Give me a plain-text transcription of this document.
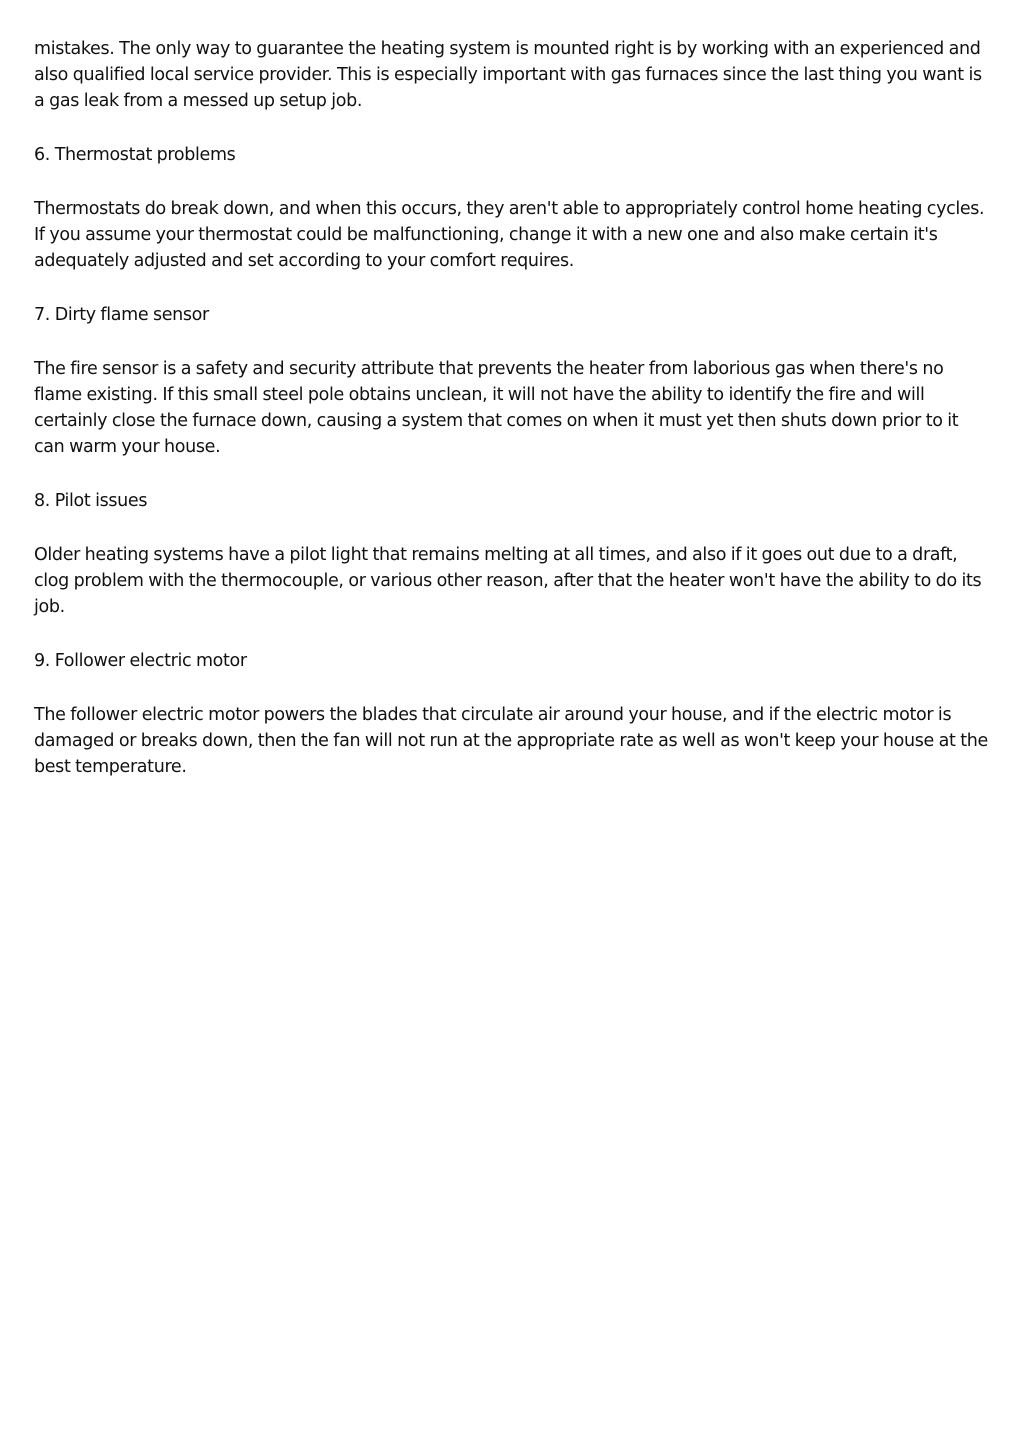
mistakes. The only way to guarantee the heating system is mounted right is by working with an experienced and also qualified local service provider. This is especially important with gas furnaces since the last thing you want is a gas leak from a messed up setup job.

6. Thermostat problems

Thermostats do break down, and when this occurs, they aren't able to appropriately control home heating cycles. If you assume your thermostat could be malfunctioning, change it with a new one and also make certain it's adequately adjusted and set according to your comfort requires.

7. Dirty flame sensor

The fire sensor is a safety and security attribute that prevents the heater from laborious gas when there's no flame existing. If this small steel pole obtains unclean, it will not have the ability to identify the fire and will certainly close the furnace down, causing a system that comes on when it must yet then shuts down prior to it can warm your house.

8. Pilot issues

Older heating systems have a pilot light that remains melting at all times, and also if it goes out due to a draft, clog problem with the thermocouple, or various other reason, after that the heater won't have the ability to do its job.

9. Follower electric motor

The follower electric motor powers the blades that circulate air around your house, and if the electric motor is damaged or breaks down, then the fan will not run at the appropriate rate as well as won't keep your house at the best temperature.
